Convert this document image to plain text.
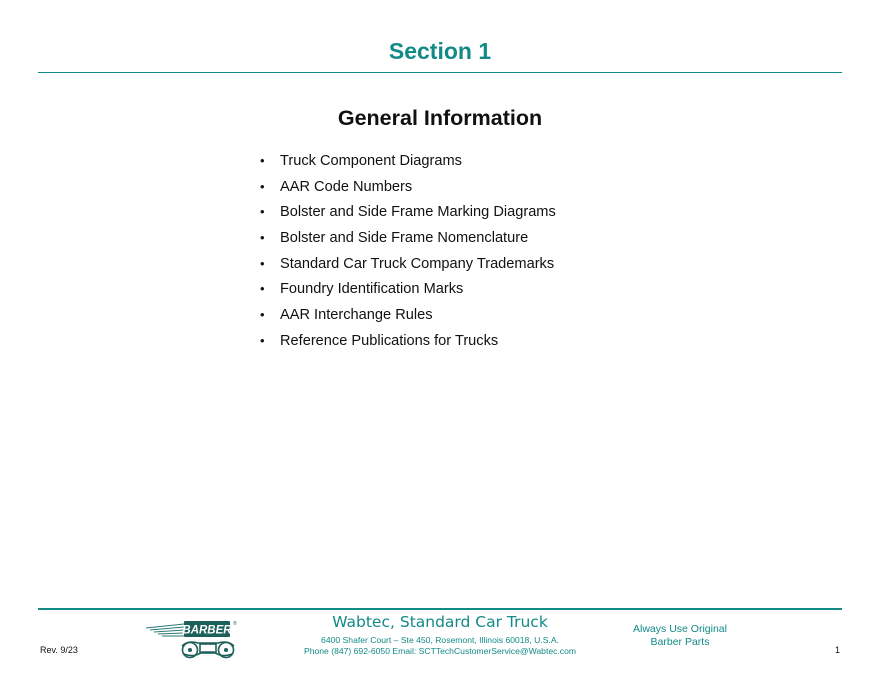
Section 1
General Information
• Truck Component Diagrams
• AAR Code Numbers
• Bolster and Side Frame Marking Diagrams
• Bolster and Side Frame Nomenclature
• Standard Car Truck Company Trademarks
• Foundry Identification Marks
• AAR Interchange Rules
• Reference Publications for Trucks
Rev. 9/23
BARBER
®	Wabtec, Standard Car Truck
6400 Shafer Court – Ste 450, Rosemont, Illinois 60018, U.S.A.
Phone (847) 692-6050 Email: SCTTechCustomerService@Wabtec.com
Always Use Original
Barber Parts
1
